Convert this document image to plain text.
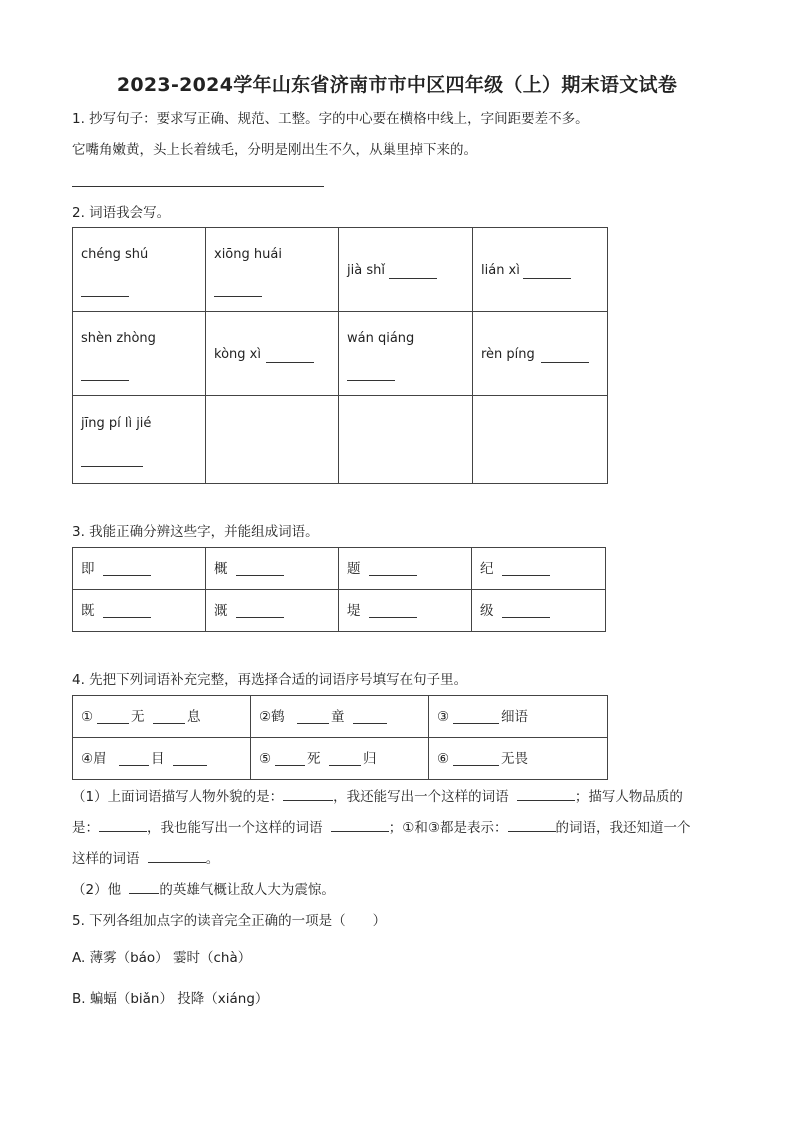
2023-2024学年山东省济南市市中区四年级（上）期末语文试卷
1. 抄写句子：要求写正确、规范、工整。字的中心要在横格中线上，字间距要差不多。
它嘴角嫩黄，头上长着绒毛，分明是刚出生不久，从巢里掉下来的。
2. 词语我会写。
chéng shú	xiōng huái	jià shǐ	lián xì

shèn zhòng	kòng xì	wán qiáng	rèn píng

jīng pí lì jié			

3. 我能正确分辨这些字，并能组成词语。
即	概	题	纪

既	溉	堤	级
4. 先把下列词语补充完整，再选择合适的词语序号填写在句子里。
① 无 息	②鹤 童	③ 细语

④眉 目	⑤ 死 归	⑥ 无畏
（1）上面词语描写人物外貌的是：	，我还能写出一个这样的词语	；描写人物品质的
是：	，我也能写出一个这样的词语	；①和③都是表示：	的词语，我还知道一个
这样的词语	。
（2）他	的英雄气概让敌人大为震惊。
5. 下列各组加点字的读音完全正确的一项是（　　）
A. 薄雾（báo） 霎时（chà）
B. 蝙蝠（biǎn） 投降（xiáng）
